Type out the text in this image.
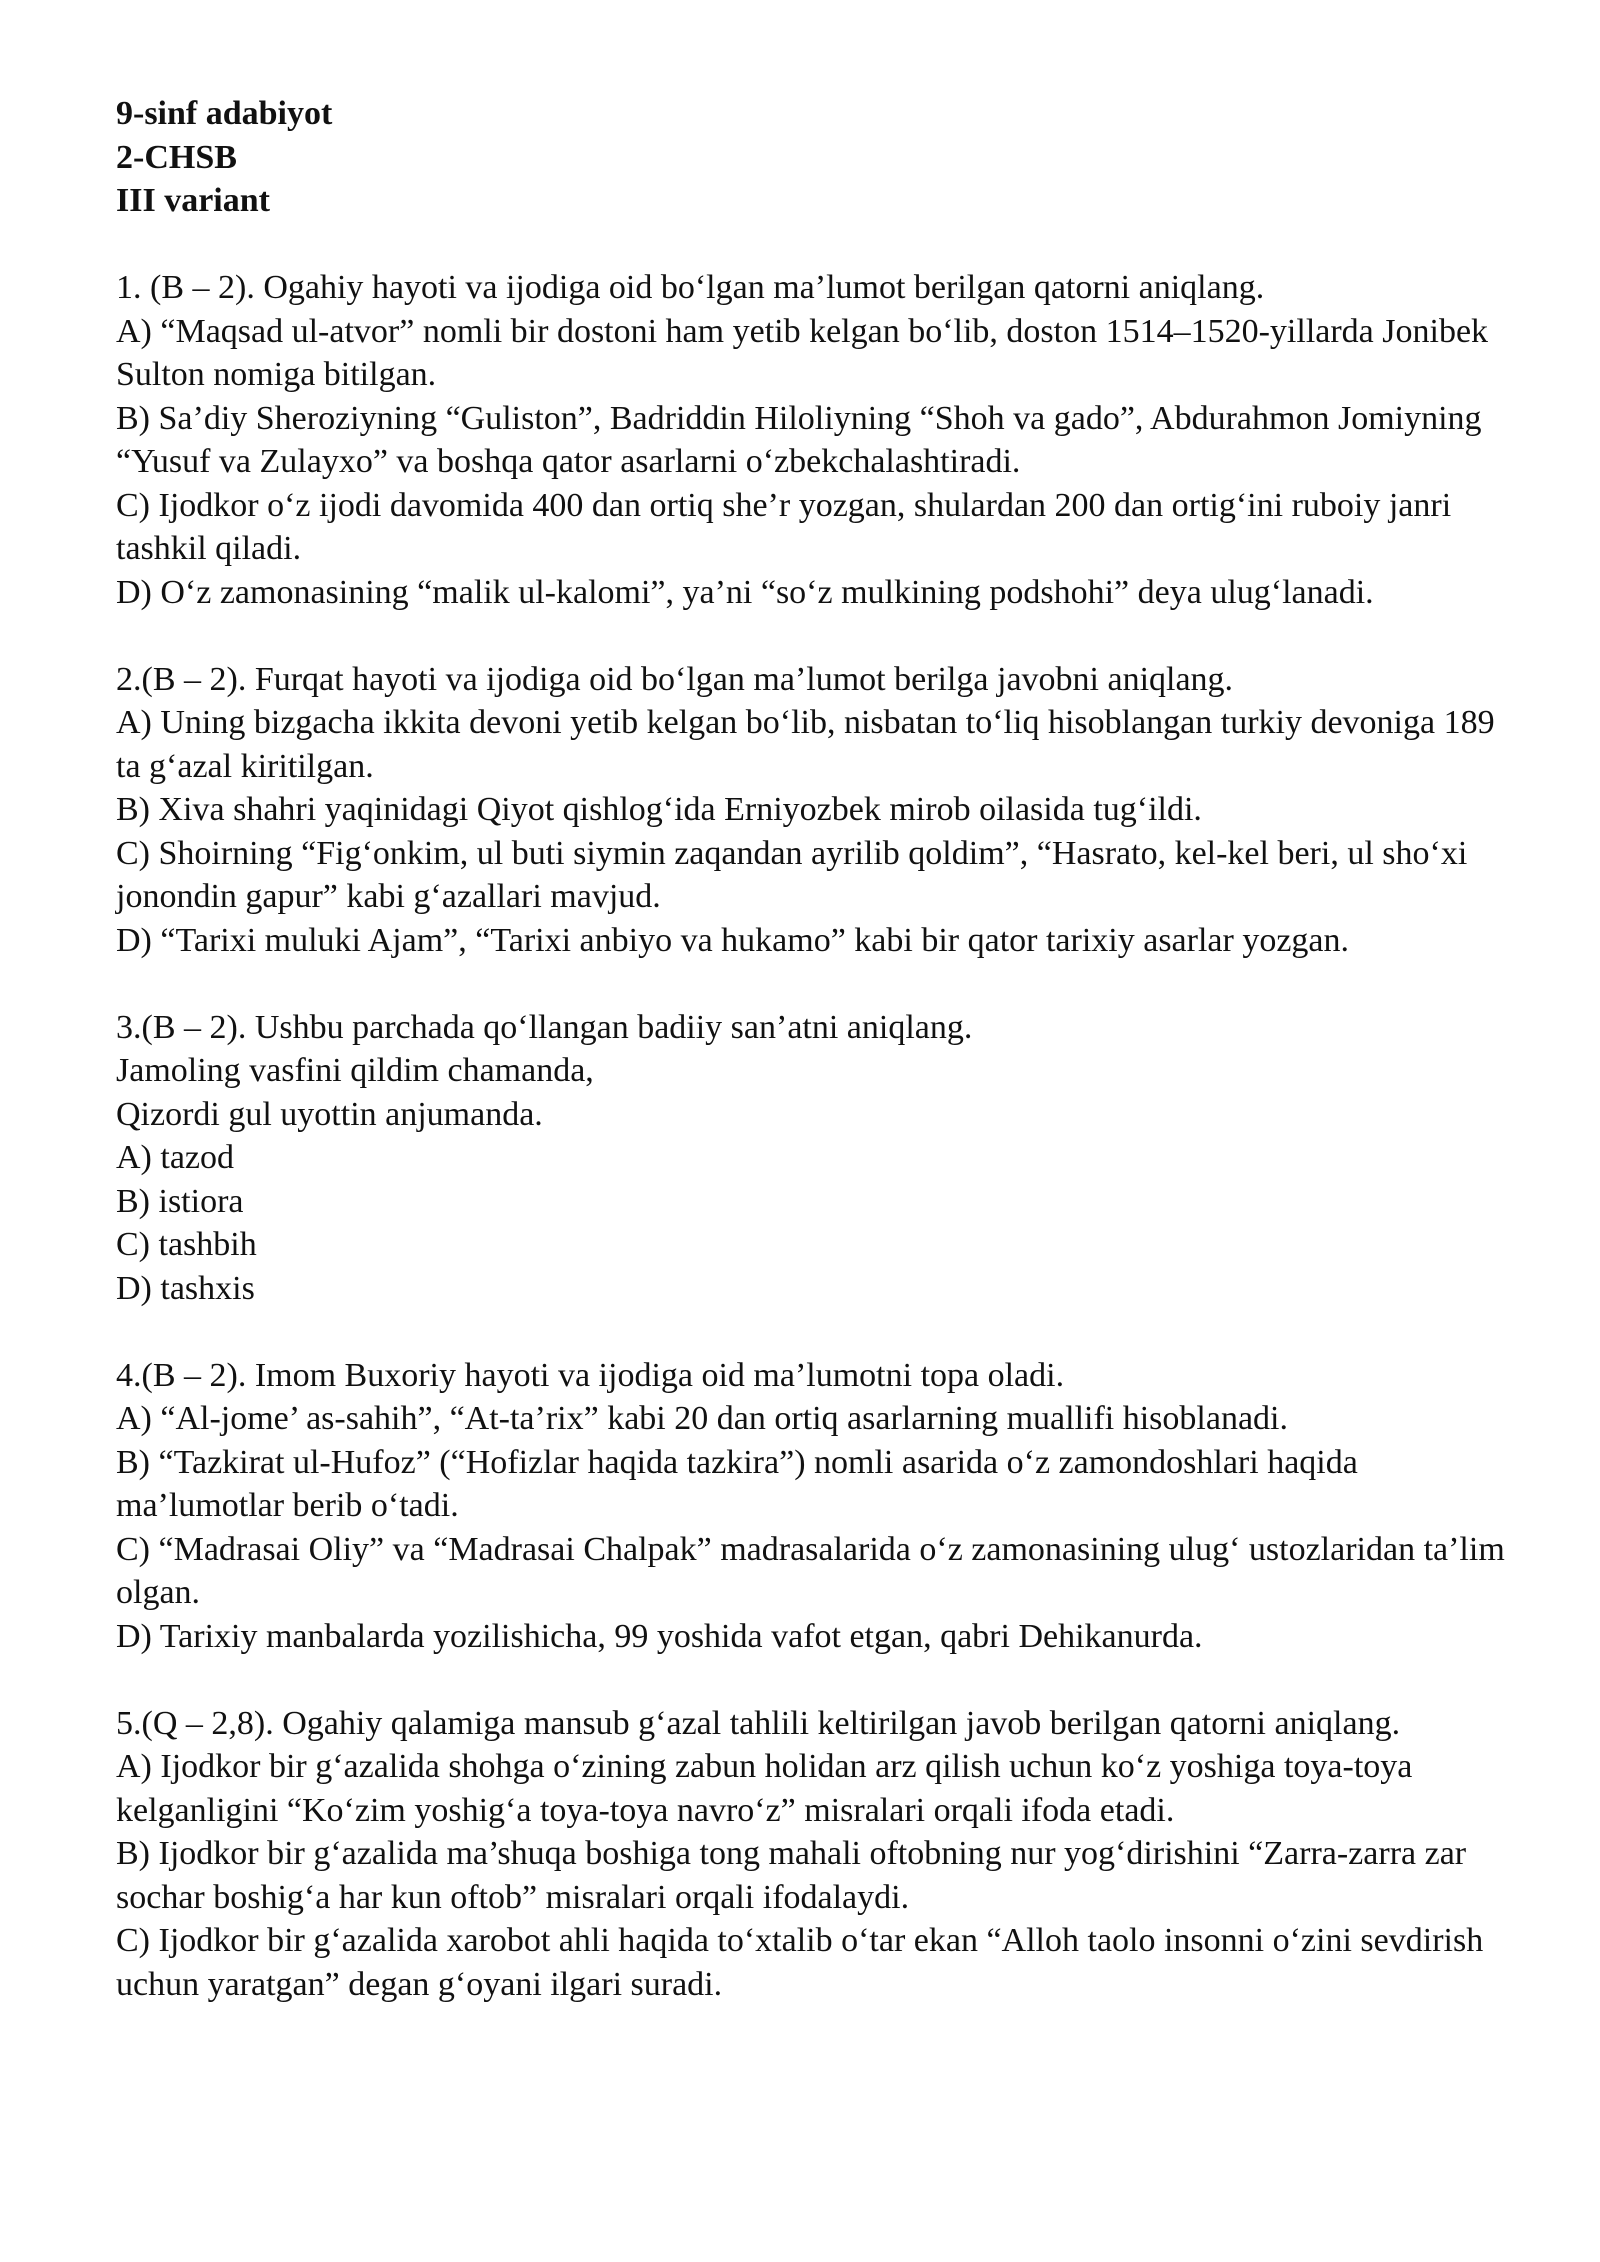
9-sinf adabiyot
2-CHSB
III variant
1. (B – 2). Ogahiy hayoti va ijodiga oid bo‘lgan ma’lumot berilgan qatorni aniqlang.
A) “Maqsad ul-atvor” nomli bir dostoni ham yetib kelgan bo‘lib, doston 1514–1520-yillarda Jonibek Sulton nomiga bitilgan.
B) Sa’diy Sheroziyning “Guliston”, Badriddin Hiloliyning “Shoh va gado”, Abdurahmon Jomiyning “Yusuf va Zulayxo” va boshqa qator asarlarni o‘zbekchalashtiradi.
C) Ijodkor o‘z ijodi davomida 400 dan ortiq she’r yozgan, shulardan 200 dan ortig‘ini ruboiy janri tashkil qiladi.
D) O‘z zamonasining “malik ul-kalomi”, ya’ni “so‘z mulkining podshohi” deya ulug‘lanadi.
2.(B – 2). Furqat hayoti va ijodiga oid bo‘lgan ma’lumot berilga javobni aniqlang.
A) Uning bizgacha ikkita devoni yetib kelgan bo‘lib, nisbatan to‘liq hisoblangan turkiy devoniga 189 ta g‘azal kiritilgan.
B) Xiva shahri yaqinidagi Qiyot qishlog‘ida Erniyozbek mirob oilasida tug‘ildi.
C) Shoirning “Fig‘onkim, ul buti siymin zaqandan ayrilib qoldim”, “Hasrato, kel-kel beri, ul sho‘xi jonondin gapur” kabi g‘azallari mavjud.
D) “Tarixi muluki Ajam”, “Tarixi anbiyo va hukamo” kabi bir qator tarixiy asarlar yozgan.
3.(B – 2). Ushbu parchada qo‘llangan badiiy san’atni aniqlang.
Jamoling vasfini qildim chamanda,
Qizordi gul uyottin anjumanda.
A) tazod
B) istiora
C) tashbih
D) tashxis
4.(B – 2). Imom Buxoriy hayoti va ijodiga oid ma’lumotni topa oladi.
A) “Al-jome’ as-sahih”, “At-ta’rix” kabi 20 dan ortiq asarlarning muallifi hisoblanadi.
B) “Tazkirat ul-Hufoz” (“Hofizlar haqida tazkira”) nomli asarida o‘z zamondoshlari haqida ma’lumotlar berib o‘tadi.
C) “Madrasai Oliy” va “Madrasai Chalpak” madrasalarida o‘z zamonasining ulug‘ ustozlaridan ta’lim olgan.
D) Tarixiy manbalarda yozilishicha, 99 yoshida vafot etgan, qabri Dehikanurda.
5.(Q – 2,8). Ogahiy qalamiga mansub g‘azal tahlili keltirilgan javob berilgan qatorni aniqlang.
A) Ijodkor bir g‘azalida shohga o‘zining zabun holidan arz qilish uchun ko‘z yoshiga toya-toya kelganligini “Ko‘zim yoshig‘a toya-toya navro‘z” misralari orqali ifoda etadi.
B) Ijodkor bir g‘azalida ma’shuqa boshiga tong mahali oftobning nur yog‘dirishini “Zarra-zarra zar sochar boshig‘a har kun oftob” misralari orqali ifodalaydi.
C) Ijodkor bir g‘azalida xarobot ahli haqida to‘xtalib o‘tar ekan “Alloh taolo insonni o‘zini sevdirish uchun yaratgan” degan g‘oyani ilgari suradi.
